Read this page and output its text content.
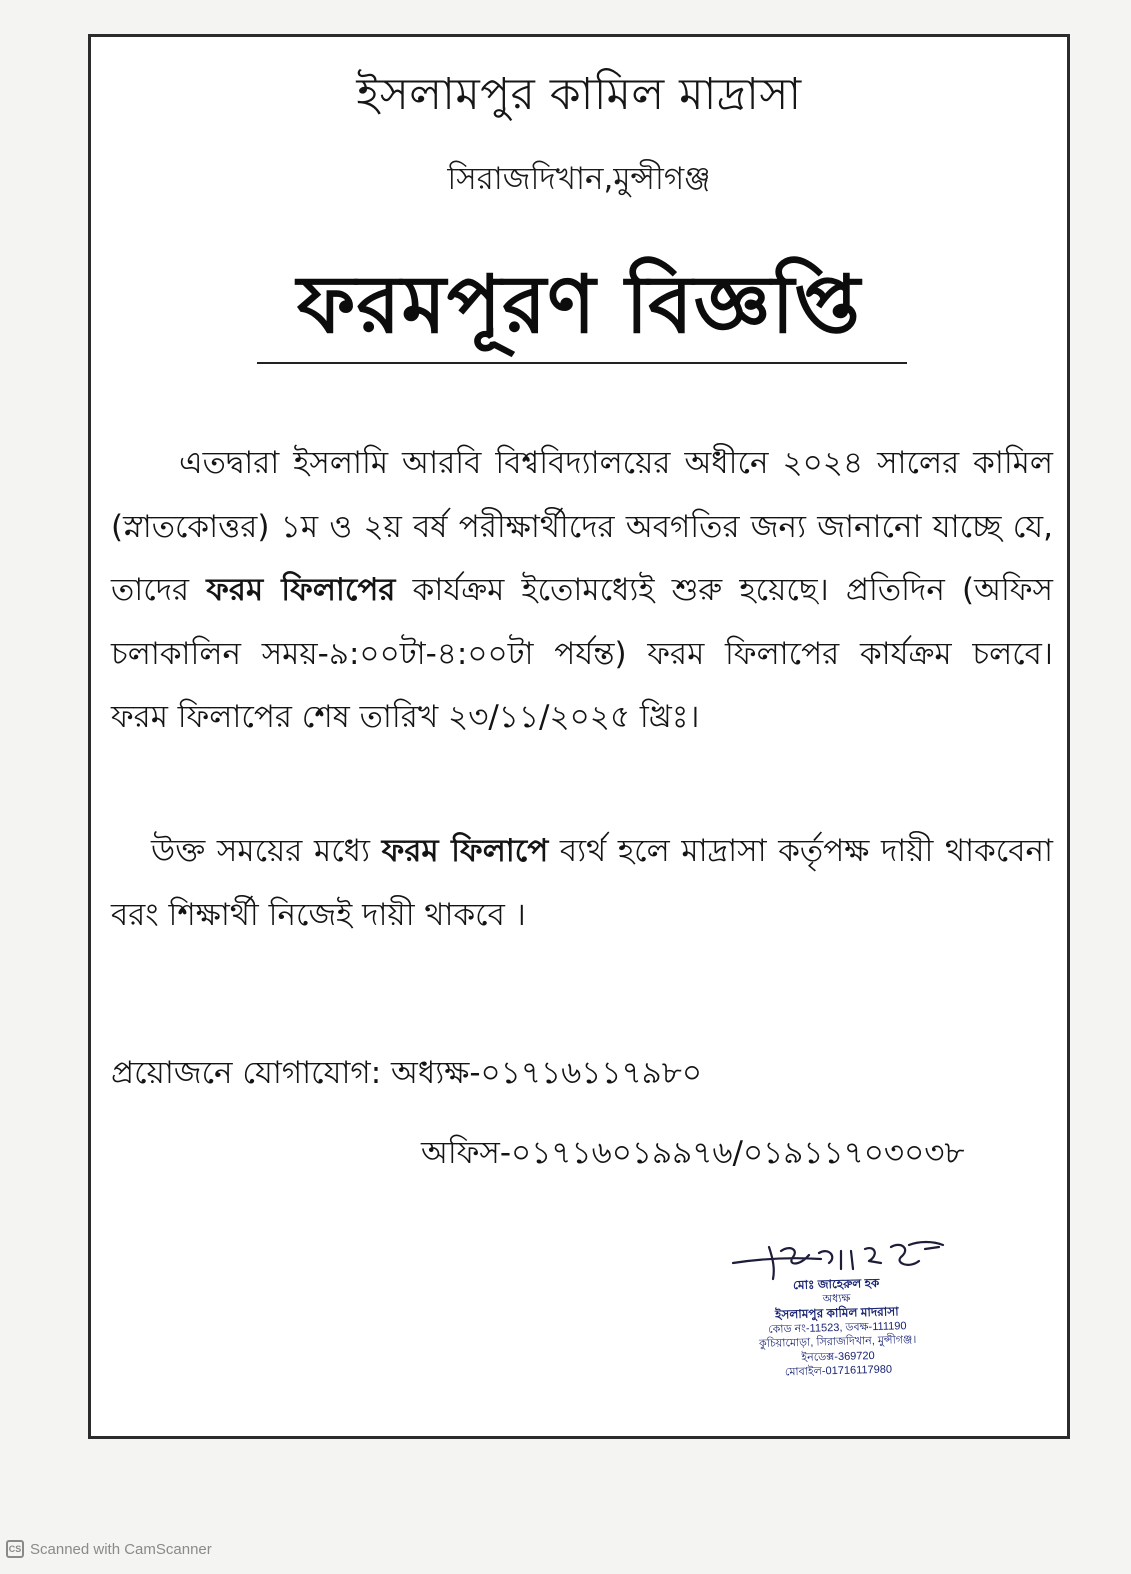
ইসলামপুর কামিল মাদ্রাসা
সিরাজদিখান,মুন্সীগঞ্জ
ফরমপূরণ বিজ্ঞপ্তি

এতদ্বারা ইসলামি আরবি বিশ্ববিদ্যালয়ের অধীনে ২০২৪ সালের কামিল (স্নাতকোত্তর) ১ম ও ২য় বর্ষ পরীক্ষার্থীদের অবগতির জন্য জানানো যাচ্ছে যে, তাদের ফরম ফিলাপের কার্যক্রম ইতোমধ্যেই শুরু হয়েছে। প্রতিদিন (অফিস চলাকালিন সময়-৯:০০টা-৪:০০টা পর্যন্ত) ফরম ফিলাপের কার্যক্রম চলবে। ফরম ফিলাপের শেষ তারিখ ২৩/১১/২০২৫ খ্রিঃ।

উক্ত সময়ের মধ্যে ফরম ফিলাপে ব্যর্থ হলে মাদ্রাসা কর্তৃপক্ষ দায়ী থাকবেনা বরং শিক্ষার্থী নিজেই দায়ী থাকবে ।

প্রয়োজনে যোগাযোগ: অধ্যক্ষ-০১৭১৬১১৭৯৮০
অফিস-০১৭১৬০১৯৯৭৬/০১৯১১৭০৩০৩৮
মোঃ জাহেরুল হক
অধ্যক্ষ
ইসলামপুর কামিল মাদরাসা
কোড নং-11523, ডবক্ষ-111190
কুচিয়ামোড়া, সিরাজদিখান, মুন্সীগঞ্জ।
ইনডেক্স-369720
মোবাইল-01716117980
CS Scanned with CamScanner
